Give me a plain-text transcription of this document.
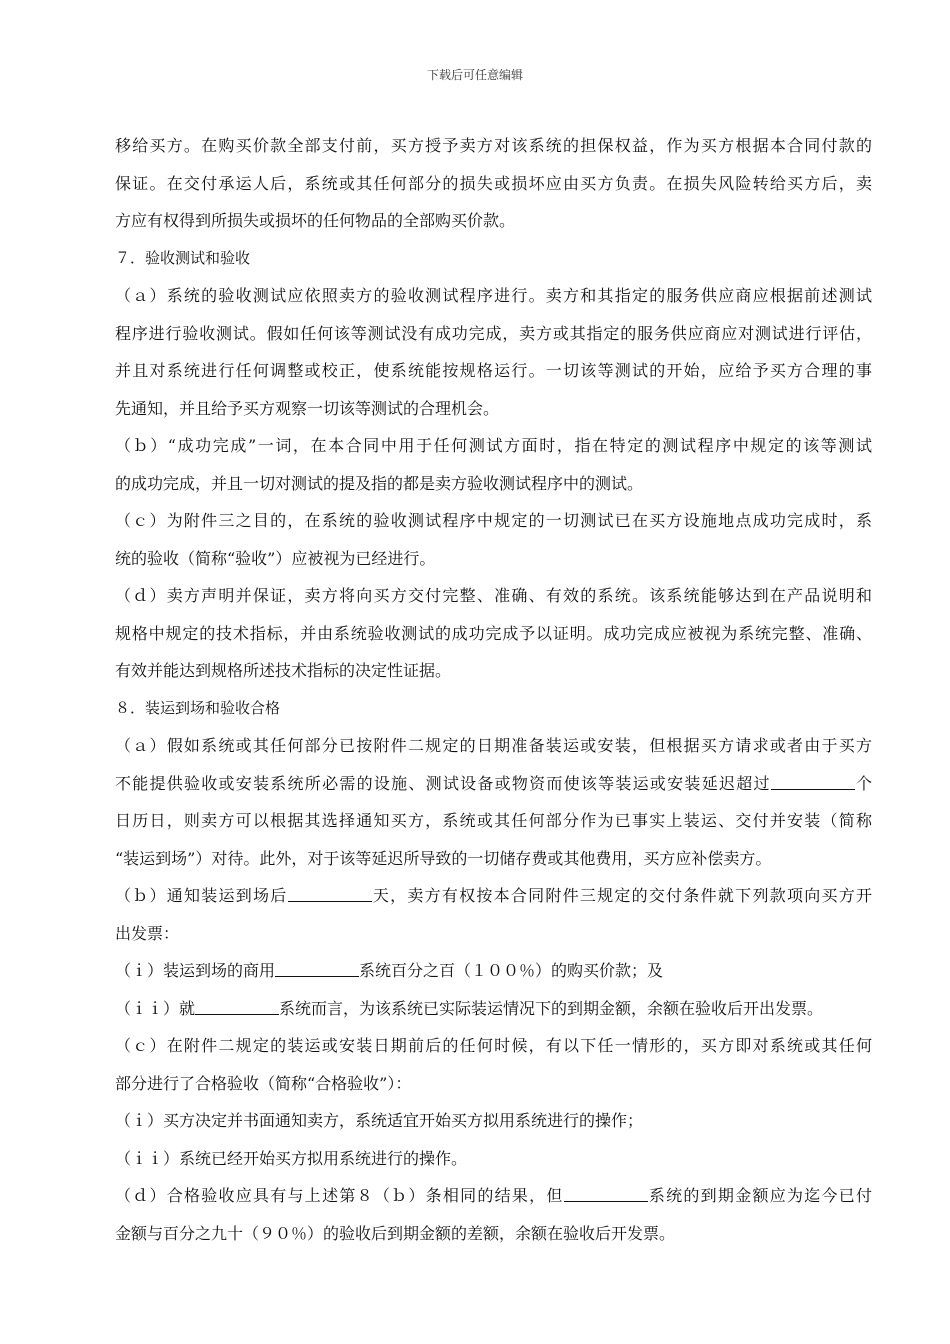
下载后可任意编辑
移给买方。在购买价款全部支付前，买方授予卖方对该系统的担保权益，作为买方根据本合同付款的
保证。在交付承运人后，系统或其任何部分的损失或损坏应由买方负责。在损失风险转给买方后，卖
方应有权得到所损失或损坏的任何物品的全部购买价款。
７．验收测试和验收
（ａ）系统的验收测试应依照卖方的验收测试程序进行。卖方和其指定的服务供应商应根据前述测试
程序进行验收测试。假如任何该等测试没有成功完成，卖方或其指定的服务供应商应对测试进行评估，
并且对系统进行任何调整或校正，使系统能按规格运行。一切该等测试的开始，应给予买方合理的事
先通知，并且给予买方观察一切该等测试的合理机会。
（ｂ）“成功完成”一词，在本合同中用于任何测试方面时，指在特定的测试程序中规定的该等测试
的成功完成，并且一切对测试的提及指的都是卖方验收测试程序中的测试。
（ｃ）为附件三之目的，在系统的验收测试程序中规定的一切测试已在买方设施地点成功完成时，系
统的验收（简称“验收”）应被视为已经进行。
（ｄ）卖方声明并保证，卖方将向买方交付完整、准确、有效的系统。该系统能够达到在产品说明和
规格中规定的技术指标，并由系统验收测试的成功完成予以证明。成功完成应被视为系统完整、准确、
有效并能达到规格所述技术指标的决定性证据。
８．装运到场和验收合格
（ａ）假如系统或其任何部分已按附件二规定的日期准备装运或安装，但根据买方请求或者由于买方
不能提供验收或安装系统所必需的设施、测试设备或物资而使该等装运或安装延迟超过	个
日历日，则卖方可以根据其选择通知买方，系统或其任何部分作为已事实上装运、交付并安装（简称
“装运到场”）对待。此外，对于该等延迟所导致的一切储存费或其他费用，买方应补偿卖方。
（ｂ）通知装运到场后	天，卖方有权按本合同附件三规定的交付条件就下列款项向买方开
出发票：
（ｉ）装运到场的商用	系统百分之百（１００％）的购买价款；及
（ｉｉ）就	系统而言，为该系统已实际装运情况下的到期金额，余额在验收后开出发票。
（ｃ）在附件二规定的装运或安装日期前后的任何时候，有以下任一情形的，买方即对系统或其任何
部分进行了合格验收（简称“合格验收”）：
（ｉ）买方决定并书面通知卖方，系统适宜开始买方拟用系统进行的操作；
（ｉｉ）系统已经开始买方拟用系统进行的操作。
（ｄ）合格验收应具有与上述第８（ｂ）条相同的结果，但	系统的到期金额应为迄今已付
金额与百分之九十（９０％）的验收后到期金额的差额，余额在验收后开发票。
